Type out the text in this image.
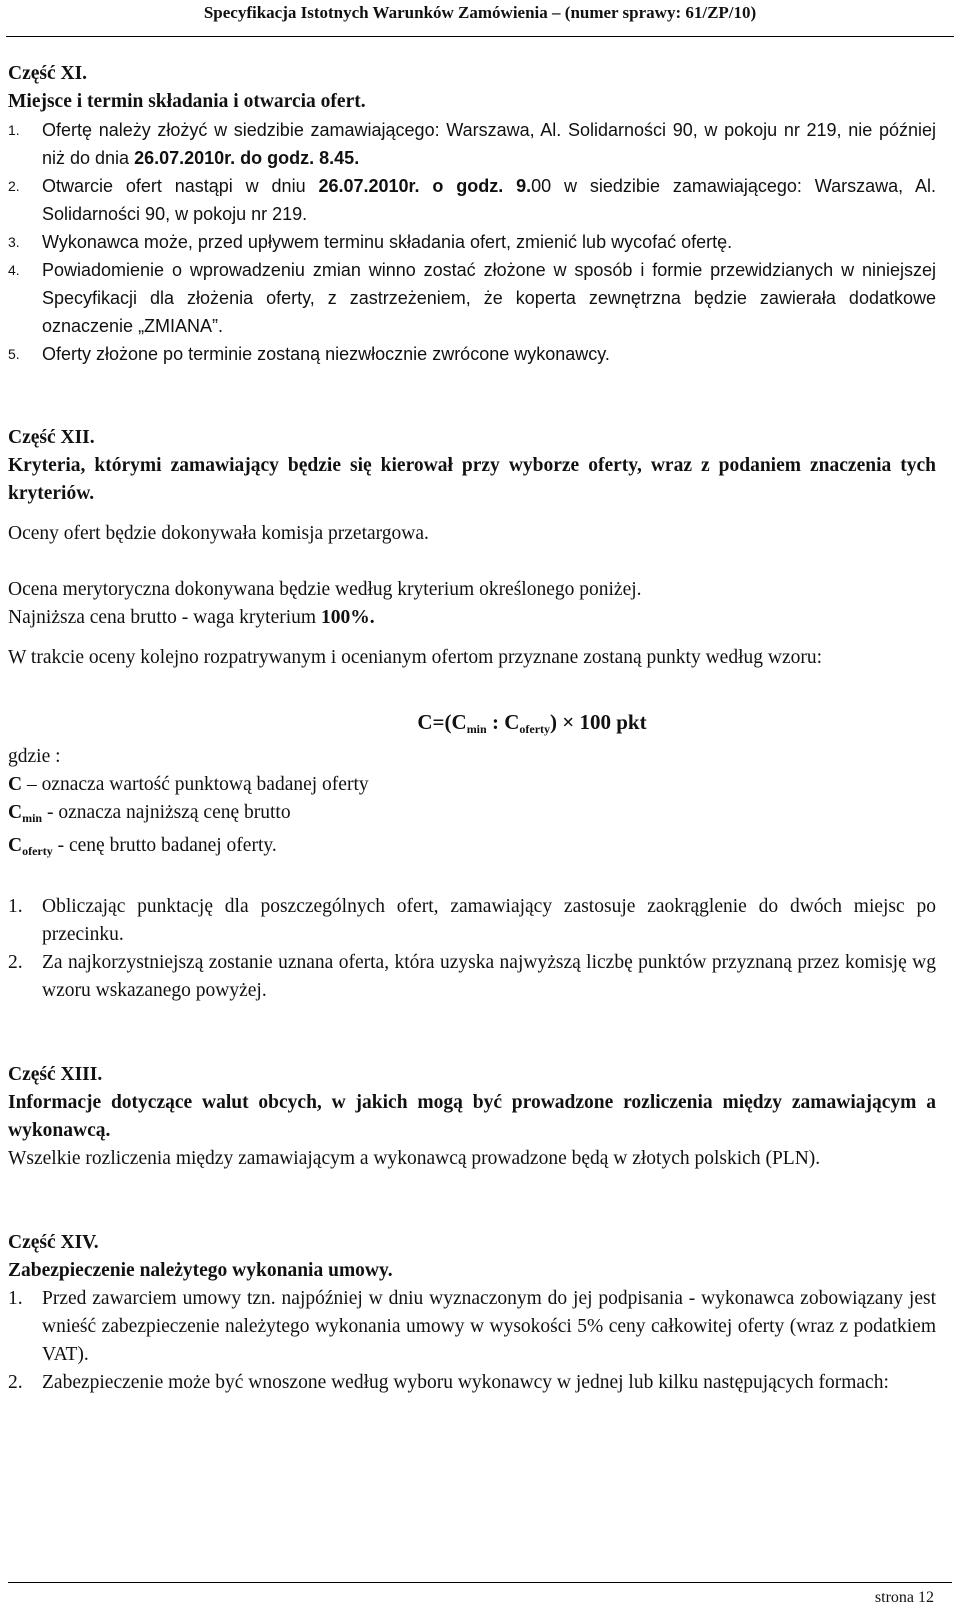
Specyfikacja Istotnych Warunków Zamówienia – (numer sprawy: 61/ZP/10)
Część XI.
Miejsce i termin składania i otwarcia ofert.
1.	Ofertę należy złożyć w siedzibie zamawiającego: Warszawa, Al. Solidarności 90, w pokoju nr 219, nie później niż do dnia 26.07.2010r. do godz. 8.45.
2.	Otwarcie ofert nastąpi w dniu 26.07.2010r. o godz. 9.00 w siedzibie zamawiającego: Warszawa, Al. Solidarności 90, w pokoju nr 219.
3.	Wykonawca może, przed upływem terminu składania ofert, zmienić lub wycofać ofertę.
4.	Powiadomienie o wprowadzeniu zmian winno zostać złożone w sposób i formie przewidzianych w niniejszej Specyfikacji dla złożenia oferty, z zastrzeżeniem, że koperta zewnętrzna będzie zawierała dodatkowe oznaczenie „ZMIANA”.
5.	Oferty złożone po terminie zostaną niezwłocznie zwrócone wykonawcy.
Część XII.
Kryteria, którymi zamawiający będzie się kierował przy wyborze oferty, wraz z podaniem znaczenia tych kryteriów.

Oceny ofert będzie dokonywała komisja przetargowa.

Ocena merytoryczna dokonywana będzie według kryterium określonego poniżej.

Najniższa cena brutto - waga kryterium 100%.

W trakcie oceny kolejno rozpatrywanym i ocenianym ofertom przyznane zostaną punkty według wzoru:

$C=(C_{min}$ : $C_{oferty}) \times 100$ pkt

gdzie :

C – oznacza wartość punktową badanej oferty

$C_{min}$ - oznacza najniższą cenę brutto

$C_{oferty}$ - cenę brutto badanej oferty.

1. Obliczając punktację dla poszczególnych ofert, zamawiający zastosuje zaokrąglenie do dwóch miejsc po przecinku.
2. Za najkorzystniejszą zostanie uznana oferta, która uzyska najwyższą liczbę punktów przyznaną przez komisję wg wzoru wskazanego powyżej.
Część XIII.
Informacje dotyczące walut obcych, w jakich mogą być prowadzone rozliczenia między zamawiającym a wykonawcą.

Wszelkie rozliczenia między zamawiającym a wykonawcą prowadzone będą w złotych polskich (PLN).

Część XIV.
Zabezpieczenie należytego wykonania umowy.
1. Przed zawarciem umowy tzn. najpóźniej w dniu wyznaczonym do jej podpisania - wykonawca zobowiązany jest wnieść zabezpieczenie należytego wykonania umowy w wysokości 5% ceny całkowitej oferty (wraz z podatkiem VAT).
2. Zabezpieczenie może być wnoszone według wyboru wykonawcy w jednej lub kilku następujących formach:
strona 12
